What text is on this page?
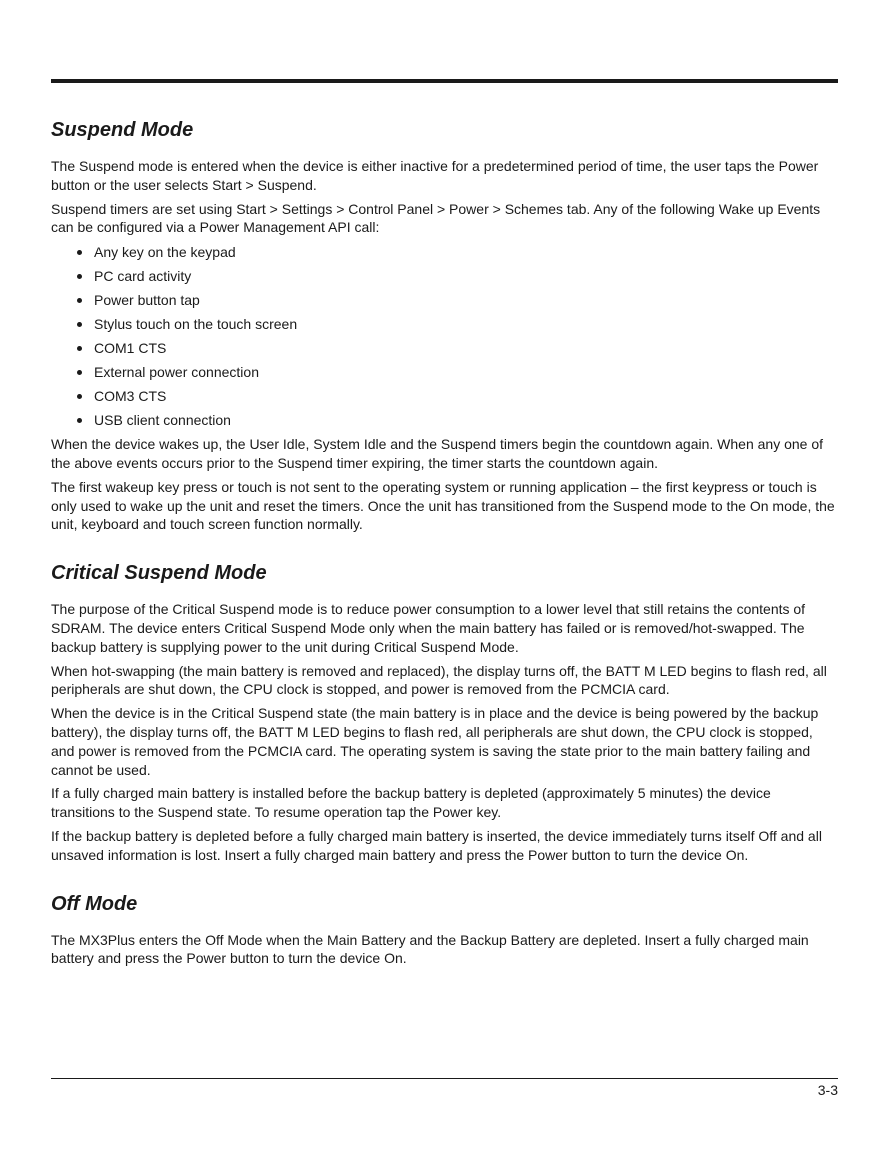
Suspend Mode

The Suspend mode is entered when the device is either inactive for a predetermined period of time, the user taps the Power button or the user selects Start > Suspend.

Suspend timers are set using Start > Settings > Control Panel > Power > Schemes tab. Any of the following Wake up Events can be configured via a Power Management API call:

Any key on the keypad
PC card activity
Power button tap
Stylus touch on the touch screen
COM1 CTS
External power connection
COM3 CTS
USB client connection

When the device wakes up, the User Idle, System Idle and the Suspend timers begin the countdown again. When any one of the above events occurs prior to the Suspend timer expiring, the timer starts the countdown again.

The first wakeup key press or touch is not sent to the operating system or running application – the first keypress or touch is only used to wake up the unit and reset the timers. Once the unit has transitioned from the Suspend mode to the On mode, the unit, keyboard and touch screen function normally.

Critical Suspend Mode

The purpose of the Critical Suspend mode is to reduce power consumption to a lower level that still retains the contents of SDRAM. The device enters Critical Suspend Mode only when the main battery has failed or is removed/hot-swapped. The backup battery is supplying power to the unit during Critical Suspend Mode.

When hot-swapping (the main battery is removed and replaced), the display turns off, the BATT M LED begins to flash red, all peripherals are shut down, the CPU clock is stopped, and power is removed from the PCMCIA card.

When the device is in the Critical Suspend state (the main battery is in place and the device is being powered by the backup battery), the display turns off, the BATT M LED begins to flash red, all peripherals are shut down, the CPU clock is stopped, and power is removed from the PCMCIA card. The operating system is saving the state prior to the main battery failing and cannot be used.

If a fully charged main battery is installed before the backup battery is depleted (approximately 5 minutes) the device transitions to the Suspend state. To resume operation tap the Power key.

If the backup battery is depleted before a fully charged main battery is inserted, the device immediately turns itself Off and all unsaved information is lost. Insert a fully charged main battery and press the Power button to turn the device On.

Off Mode

The MX3Plus enters the Off Mode when the Main Battery and the Backup Battery are depleted. Insert a fully charged main battery and press the Power button to turn the device On.

3-3
